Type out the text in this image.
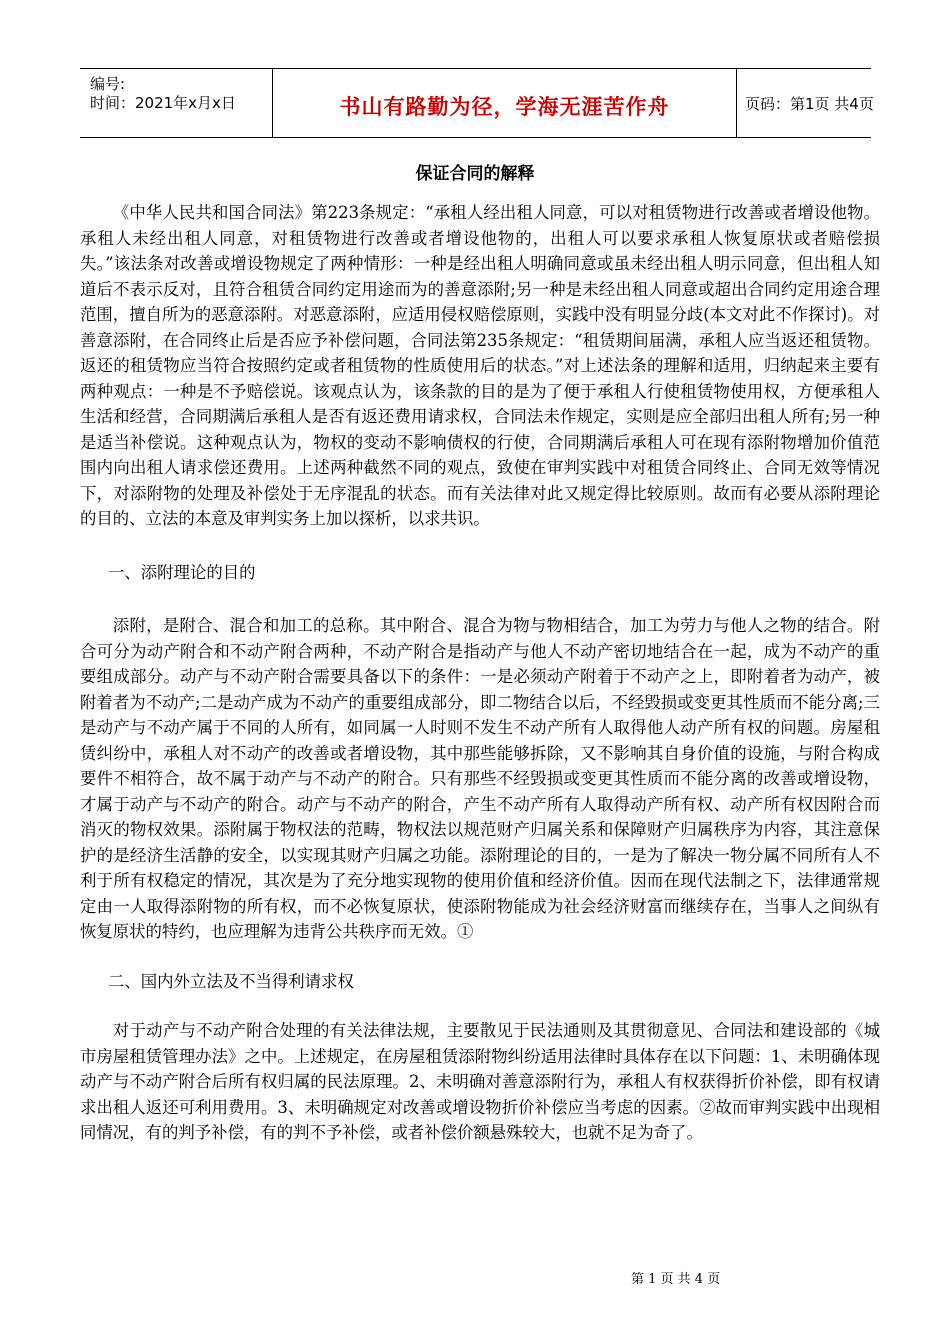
编号:
时间：2021年x月x日	书山有路勤为径，学海无涯苦作舟	页码：第1页 共4页
保证合同的解释

《中华人民共和国合同法》第223条规定：“承租人经出租人同意，可以对租赁物进行改善或者增设他物。承租人未经出租人同意，对租赁物进行改善或者增设他物的，出租人可以要求承租人恢复原状或者赔偿损失。”该法条对改善或增设物规定了两种情形：一种是经出租人明确同意或虽未经出租人明示同意，但出租人知道后不表示反对，且符合租赁合同约定用途而为的善意添附;另一种是未经出租人同意或超出合同约定用途合理范围，擅自所为的恶意添附。对恶意添附，应适用侵权赔偿原则，实践中没有明显分歧(本文对此不作探讨)。对善意添附，在合同终止后是否应予补偿问题，合同法第235条规定：“租赁期间届满，承租人应当返还租赁物。返还的租赁物应当符合按照约定或者租赁物的性质使用后的状态。”对上述法条的理解和适用，归纳起来主要有两种观点：一种是不予赔偿说。该观点认为，该条款的目的是为了便于承租人行使租赁物使用权，方便承租人生活和经营，合同期满后承租人是否有返还费用请求权，合同法未作规定，实则是应全部归出租人所有;另一种是适当补偿说。这种观点认为，物权的变动不影响债权的行使，合同期满后承租人可在现有添附物增加价值范围内向出租人请求偿还费用。上述两种截然不同的观点，致使在审判实践中对租赁合同终止、合同无效等情况下，对添附物的处理及补偿处于无序混乱的状态。而有关法律对此又规定得比较原则。故而有必要从添附理论的目的、立法的本意及审判实务上加以探析，以求共识。

一、添附理论的目的

添附，是附合、混合和加工的总称。其中附合、混合为物与物相结合，加工为劳力与他人之物的结合。附合可分为动产附合和不动产附合两种，不动产附合是指动产与他人不动产密切地结合在一起，成为不动产的重要组成部分。动产与不动产附合需要具备以下的条件：一是必须动产附着于不动产之上，即附着者为动产，被附着者为不动产;二是动产成为不动产的重要组成部分，即二物结合以后，不经毁损或变更其性质而不能分离;三是动产与不动产属于不同的人所有，如同属一人时则不发生不动产所有人取得他人动产所有权的问题。房屋租赁纠纷中，承租人对不动产的改善或者增设物，其中那些能够拆除，又不影响其自身价值的设施，与附合构成要件不相符合，故不属于动产与不动产的附合。只有那些不经毁损或变更其性质而不能分离的改善或增设物，才属于动产与不动产的附合。动产与不动产的附合，产生不动产所有人取得动产所有权、动产所有权因附合而消灭的物权效果。添附属于物权法的范畴，物权法以规范财产归属关系和保障财产归属秩序为内容，其注意保护的是经济生活静的安全，以实现其财产归属之功能。添附理论的目的，一是为了解决一物分属不同所有人不利于所有权稳定的情况，其次是为了充分地实现物的使用价值和经济价值。因而在现代法制之下，法律通常规定由一人取得添附物的所有权，而不必恢复原状，使添附物能成为社会经济财富而继续存在，当事人之间纵有恢复原状的特约，也应理解为违背公共秩序而无效。①

二、国内外立法及不当得利请求权

对于动产与不动产附合处理的有关法律法规，主要散见于民法通则及其贯彻意见、合同法和建设部的《城市房屋租赁管理办法》之中。上述规定，在房屋租赁添附物纠纷适用法律时具体存在以下问题：1、未明确体现动产与不动产附合后所有权归属的民法原理。2、未明确对善意添附行为，承租人有权获得折价补偿，即有权请求出租人返还可利用费用。3、未明确规定对改善或增设物折价补偿应当考虑的因素。②故而审判实践中出现相同情况，有的判予补偿，有的判不予补偿，或者补偿价额悬殊较大，也就不足为奇了。

第 1 页 共 4 页
